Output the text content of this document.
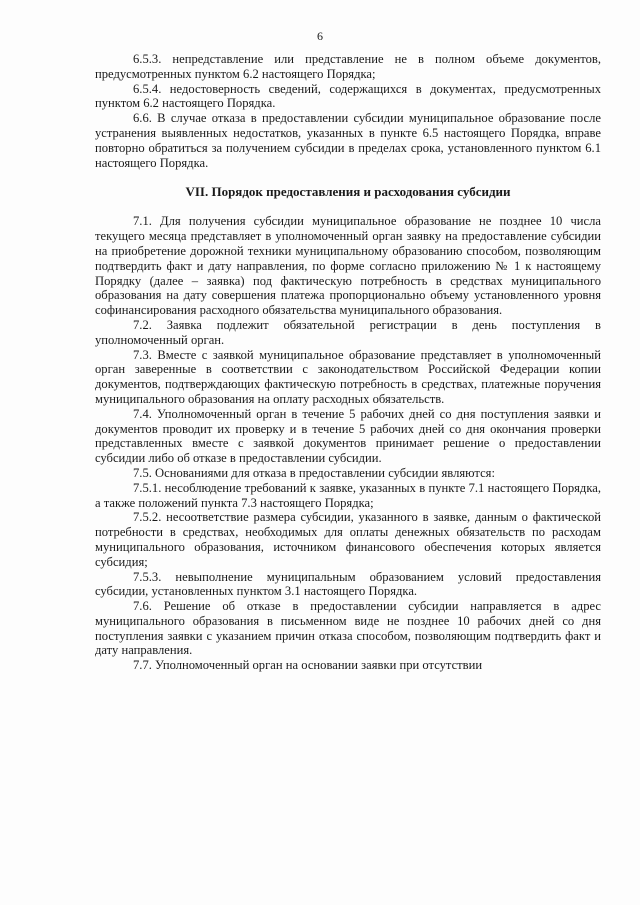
6

6.5.3. непредставление или представление не в полном объеме документов, предусмотренных пунктом 6.2 настоящего Порядка;

6.5.4. недостоверность сведений, содержащихся в документах, предусмотренных пунктом 6.2 настоящего Порядка.

6.6. В случае отказа в предоставлении субсидии муниципальное образование после устранения выявленных недостатков, указанных в пункте 6.5 настоящего Порядка, вправе повторно обратиться за получением субсидии в пределах срока, установленного пунктом 6.1 настоящего Порядка.

VII. Порядок предоставления и расходования субсидии

7.1. Для получения субсидии муниципальное образование не позднее 10 числа текущего месяца представляет в уполномоченный орган заявку на предоставление субсидии на приобретение дорожной техники муниципальному образованию способом, позволяющим подтвердить факт и дату направления, по форме согласно приложению № 1 к настоящему Порядку (далее – заявка) под фактическую потребность в средствах муниципального образования на дату совершения платежа пропорционально объему установленного уровня софинансирования расходного обязательства муниципального образования.

7.2. Заявка подлежит обязательной регистрации в день поступления в уполномоченный орган.

7.3. Вместе с заявкой муниципальное образование представляет в уполномоченный орган заверенные в соответствии с законодательством Российской Федерации копии документов, подтверждающих фактическую потребность в средствах, платежные поручения муниципального образования на оплату расходных обязательств.

7.4. Уполномоченный орган в течение 5 рабочих дней со дня поступления заявки и документов проводит их проверку и в течение 5 рабочих дней со дня окончания проверки представленных вместе с заявкой документов принимает решение о предоставлении субсидии либо об отказе в предоставлении субсидии.

7.5. Основаниями для отказа в предоставлении субсидии являются:

7.5.1. несоблюдение требований к заявке, указанных в пункте 7.1 настоящего Порядка, а также положений пункта 7.3 настоящего Порядка;

7.5.2. несоответствие размера субсидии, указанного в заявке, данным о фактической потребности в средствах, необходимых для оплаты денежных обязательств по расходам муниципального образования, источником финансового обеспечения которых является субсидия;

7.5.3. невыполнение муниципальным образованием условий предоставления субсидии, установленных пунктом 3.1 настоящего Порядка.

7.6. Решение об отказе в предоставлении субсидии направляется в адрес муниципального образования в письменном виде не позднее 10 рабочих дней со дня поступления заявки с указанием причин отказа способом, позволяющим подтвердить факт и дату направления.

7.7. Уполномоченный орган на основании заявки при отсутствии
